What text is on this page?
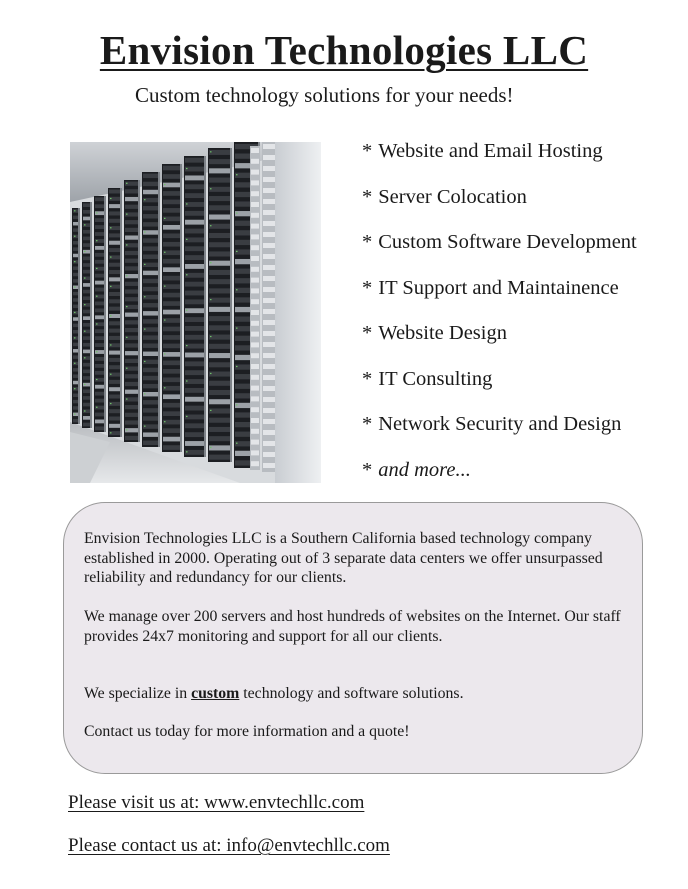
Envision Technologies LLC
Custom technology solutions for your needs!
* Website and Email Hosting
* Server Colocation
* Custom Software Development
* IT Support and Maintainence
* Website Design
* IT Consulting
* Network Security and Design
* and more...

Envision Technologies LLC is a Southern California based technology company established in 2000. Operating out of 3 separate data centers we offer unsurpassed reliability and redundancy for our clients.

We manage over 200 servers and host hundreds of websites on the Internet. Our staff provides 24x7 monitoring and support for all our clients.

We specialize in custom technology and software solutions.

Contact us today for more information and a quote!

Please visit us at: www.envtechllc.com
Please contact us at: info@envtechllc.com
